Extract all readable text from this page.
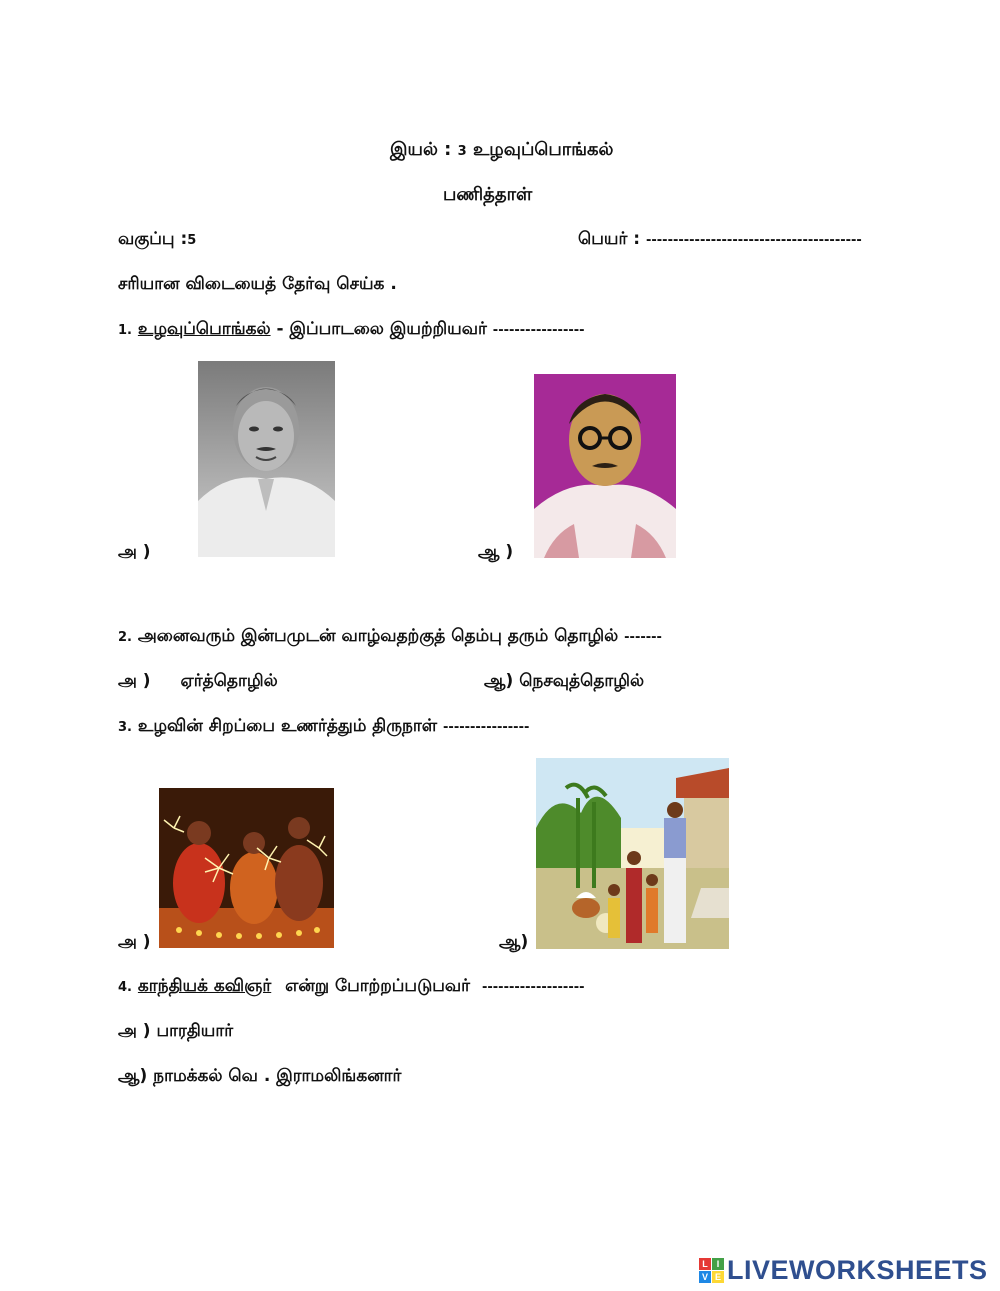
இயல் : 3 உழவுப்பொங்கல்
பணித்தாள்
வகுப்பு :5	பெயர் : ----------------------------------------
சரியான விடையைத் தேர்வு செய்க .
1. உழவுப்பொங்கல் - இப்பாடலை இயற்றியவர் -----------------
அ )	ஆ )
2. அனைவரும் இன்பமுடன் வாழ்வதற்குத் தெம்பு தரும் தொழில் -------
அ ) ஏர்த்தொழில்	ஆ) நெசவுத்தொழில்
3. உழவின் சிறப்பை உணர்த்தும் திருநாள் ----------------
அ )	ஆ)
4. காந்தியக் கவிஞர் என்று போற்றப்படுபவர் -------------------
அ ) பாரதியார்
ஆ) நாமக்கல் வெ . இராமலிங்கனார்
L I
V E LIVEWORKSHEETS
